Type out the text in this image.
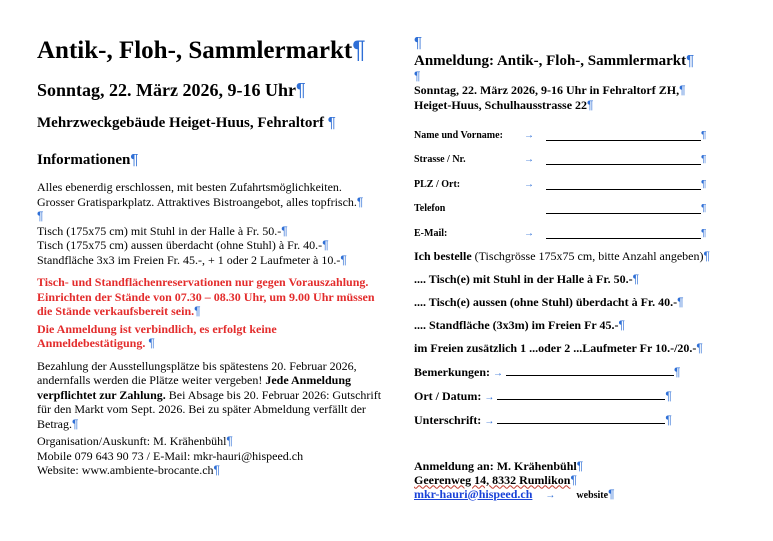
Antik-, Floh-, Sammlermarkt¶
Sonntag, 22. März 2026, 9-16 Uhr¶
Mehrzweckgebäude Heiget-Huus, Fehraltorf ¶
Informationen¶
Alles ebenerdig erschlossen, mit besten Zufahrtsmöglichkeiten. Grosser Gratisparkplatz. Attraktives Bistroangebot, alles topfrisch.¶
¶
Tisch (175x75 cm) mit Stuhl in der Halle à Fr. 50.-¶
Tisch (175x75 cm) aussen überdacht (ohne Stuhl) à Fr. 40.-¶
Standfläche 3x3 im Freien Fr. 45.-, + 1 oder 2 Laufmeter à 10.-¶
Tisch- und Standflächenreservationen nur gegen Vorauszahlung. Einrichten der Stände von 07.30 – 08.30 Uhr, um 9.00 Uhr müssen die Stände verkaufsbereit sein.¶
Die Anmeldung ist verbindlich, es erfolgt keine Anmeldebestätigung. ¶
Bezahlung der Ausstellungsplätze bis spätestens 20. Februar 2026, andernfalls werden die Plätze weiter vergeben! Jede Anmeldung verpflichtet zur Zahlung. Bei Absage bis 20. Februar 2026: Gutschrift für den Markt vom Sept. 2026. Bei zu später Abmeldung verfällt der Betrag.¶
Organisation/Auskunft: M. Krähenbühl¶
Mobile 079 643 90 73 / E-Mail: mkr-hauri@hispeed.ch
Website: www.ambiente-brocante.ch¶
¶
Anmeldung: Antik-, Floh-, Sammlermarkt¶
¶
Sonntag, 22. März 2026, 9-16 Uhr in Fehraltorf ZH,¶
Heiget-Huus, Schulhausstrasse 22¶
Name und Vorname:	→	¶
Strasse / Nr.	→	¶
PLZ / Ort:	→	¶
Telefon	¶
E-Mail:	→	¶
Ich bestelle (Tischgrösse 175x75 cm, bitte Anzahl angeben)¶
.... Tisch(e) mit Stuhl in der Halle à Fr. 50.-¶
.... Tisch(e) aussen (ohne Stuhl) überdacht à Fr. 40.-¶
.... Standfläche (3x3m) im Freien Fr 45.-¶
im Freien zusätzlich 1 ...oder 2 ...Laufmeter Fr 10.-/20.-¶
Bemerkungen: →	¶
Ort / Datum: →	¶
Unterschrift: →	¶
Anmeldung an: M. Krähenbühl¶
Geerenweg 14, 8332 Rumlikon¶
mkr-hauri@hispeed.ch → website¶
